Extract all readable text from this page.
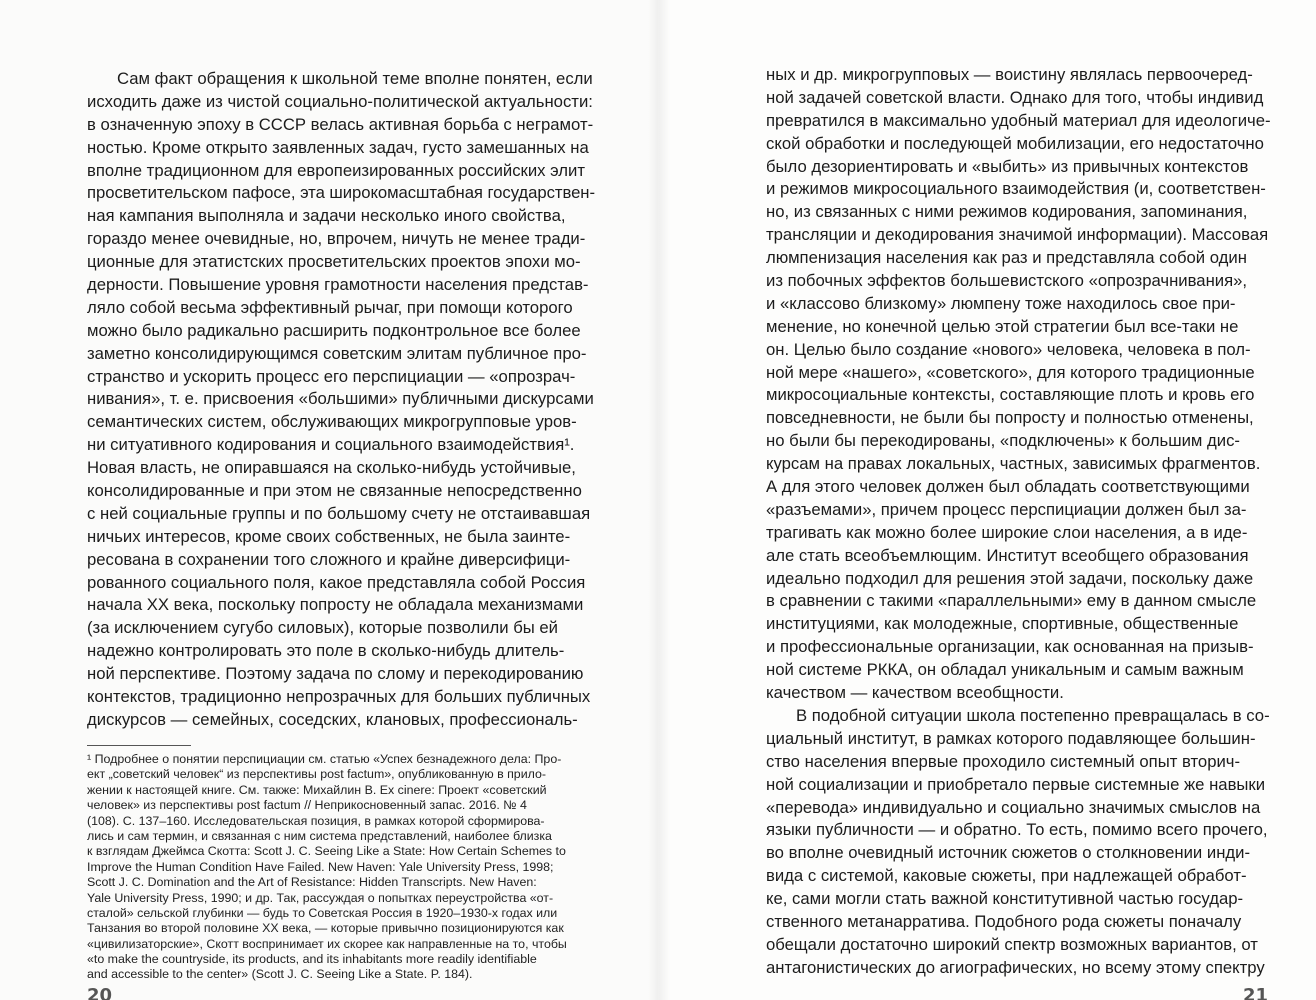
Сам факт обращения к школьной теме вполне понятен, если
исходить даже из чистой социально-политической актуальности:
в означенную эпоху в СССР велась активная борьба с неграмот-
ностью. Кроме открыто заявленных задач, густо замешанных на
вполне традиционном для европеизированных российских элит
просветительском пафосе, эта широкомасштабная государствен-
ная кампания выполняла и задачи несколько иного свойства,
гораздо менее очевидные, но, впрочем, ничуть не менее тради-
ционные для этатистских просветительских проектов эпохи мо-
дерности. Повышение уровня грамотности населения представ-
ляло собой весьма эффективный рычаг, при помощи которого
можно было радикально расширить подконтрольное все более
заметно консолидирующимся советским элитам публичное про-
странство и ускорить процесс его перспициации — «опрозрач-
нивания», т. е. присвоения «большими» публичными дискурсами
семантических систем, обслуживающих микрогрупповые уров-
ни ситуативного кодирования и социального взаимодействия¹.
Новая власть, не опиравшаяся на сколько-нибудь устойчивые,
консолидированные и при этом не связанные непосредственно
с ней социальные группы и по большому счету не отстаивавшая
ничьих интересов, кроме своих собственных, не была заинте-
ресована в сохранении того сложного и крайне диверсифици-
рованного социального поля, какое представляла собой Россия
начала XX века, поскольку попросту не обладала механизмами
(за исключением сугубо силовых), которые позволили бы ей
надежно контролировать это поле в сколько-нибудь длитель-
ной перспективе. Поэтому задача по слому и перекодированию
контекстов, традиционно непрозрачных для больших публичных
дискурсов — семейных, соседских, клановых, профессиональ-
¹ Подробнее о понятии перспициации см. статью «Успех безнадежного дела: Про-
ект „советский человек“ из перспективы post factum», опубликованную в прило-
жении к настоящей книге. См. также: Михайлин В. Ex cinere: Проект «советский
человек» из перспективы post factum // Неприкосновенный запас. 2016. № 4
(108). С. 137–160. Исследовательская позиция, в рамках которой сформирова-
лись и сам термин, и связанная с ним система представлений, наиболее близка
к взглядам Джеймса Скотта: Scott J. C. Seeing Like a State: How Certain Schemes to
Improve the Human Condition Have Failed. New Haven: Yale University Press, 1998;
Scott J. C. Domination and the Art of Resistance: Hidden Transcripts. New Haven:
Yale University Press, 1990; и др. Так, рассуждая о попытках переустройства «от-
сталой» сельской глубинки — будь то Советская Россия в 1920–1930-х годах или
Танзания во второй половине XX века, — которые привычно позиционируются как
«цивилизаторские», Скотт воспринимает их скорее как направленные на то, чтобы
«to make the countryside, its products, and its inhabitants more readily identifiable
and accessible to the center» (Scott J. C. Seeing Like a State. P. 184).
20
ных и др. микрогрупповых — воистину являлась первоочеред-
ной задачей советской власти. Однако для того, чтобы индивид
превратился в максимально удобный материал для идеологиче-
ской обработки и последующей мобилизации, его недостаточно
было дезориентировать и «выбить» из привычных контекстов
и режимов микросоциального взаимодействия (и, соответствен-
но, из связанных с ними режимов кодирования, запоминания,
трансляции и декодирования значимой информации). Массовая
люмпенизация населения как раз и представляла собой один
из побочных эффектов большевистского «опрозрачнивания»,
и «классово близкому» люмпену тоже находилось свое при-
менение, но конечной целью этой стратегии был все-таки не
он. Целью было создание «нового» человека, человека в пол-
ной мере «нашего», «советского», для которого традиционные
микросоциальные контексты, составляющие плоть и кровь его
повседневности, не были бы попросту и полностью отменены,
но были бы перекодированы, «подключены» к большим дис-
курсам на правах локальных, частных, зависимых фрагментов.
А для этого человек должен был обладать соответствующими
«разъемами», причем процесс перспициации должен был за-
трагивать как можно более широкие слои населения, а в иде-
але стать всеобъемлющим. Институт всеобщего образования
идеально подходил для решения этой задачи, поскольку даже
в сравнении с такими «параллельными» ему в данном смысле
институциями, как молодежные, спортивные, общественные
и профессиональные организации, как основанная на призыв-
ной системе РККА, он обладал уникальным и самым важным
качеством — качеством всеобщности.
В подобной ситуации школа постепенно превращалась в со-
циальный институт, в рамках которого подавляющее большин-
ство населения впервые проходило системный опыт вторич-
ной социализации и приобретало первые системные же навыки
«перевода» индивидуально и социально значимых смыслов на
языки публичности — и обратно. То есть, помимо всего прочего,
во вполне очевидный источник сюжетов о столкновении инди-
вида с системой, каковые сюжеты, при надлежащей обработ-
ке, сами могли стать важной конститутивной частью государ-
ственного метанарратива. Подобного рода сюжеты поначалу
обещали достаточно широкий спектр возможных вариантов, от
антагонистических до агиографических, но всему этому спектру
21
